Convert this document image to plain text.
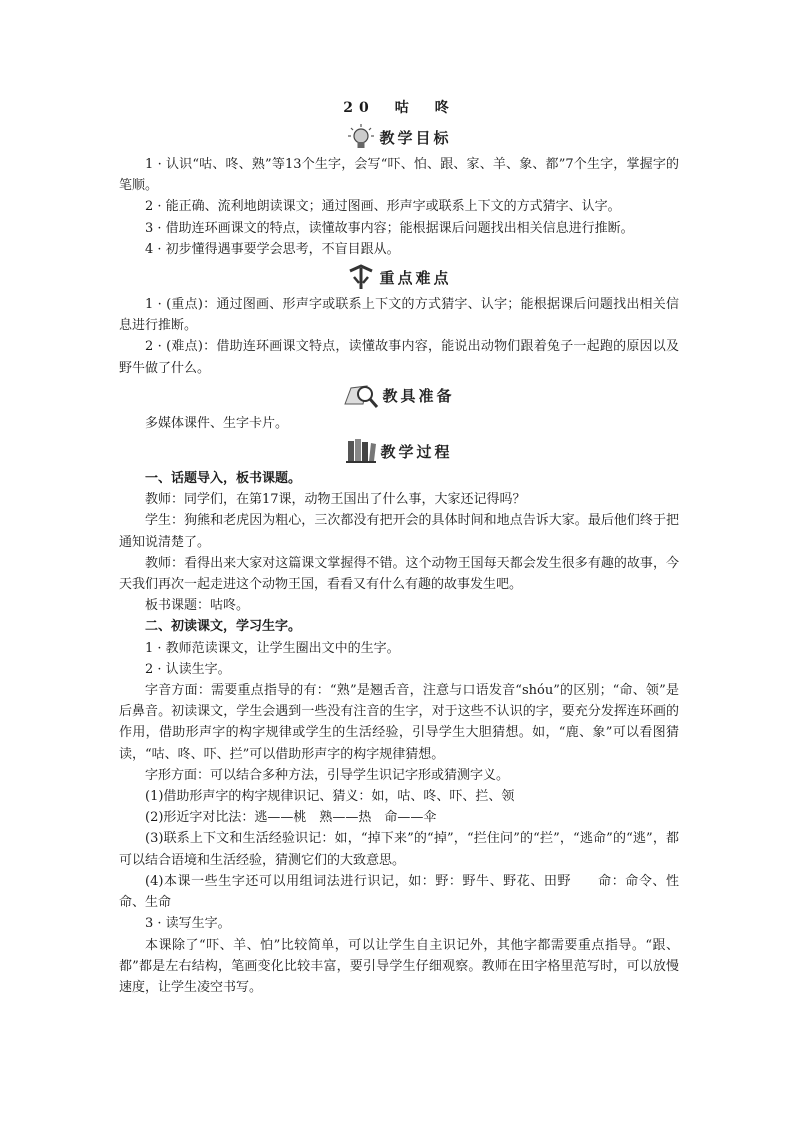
20　咕　咚
教学目标

1 · 认识“咕、咚、熟”等13个生字，会写“吓、怕、跟、家、羊、象、都”7个生字，掌握字的笔顺。

2 · 能正确、流利地朗读课文；通过图画、形声字或联系上下文的方式猜字、认字。

3 · 借助连环画课文的特点，读懂故事内容；能根据课后问题找出相关信息进行推断。

4 · 初步懂得遇事要学会思考，不盲目跟从。

重点难点

1 · (重点)：通过图画、形声字或联系上下文的方式猜字、认字；能根据课后问题找出相关信息进行推断。

2 · (难点)：借助连环画课文特点，读懂故事内容，能说出动物们跟着兔子一起跑的原因以及野牛做了什么。

教具准备

多媒体课件、生字卡片。

教学过程

一、话题导入，板书课题。

教师：同学们，在第17课，动物王国出了什么事，大家还记得吗？

学生：狗熊和老虎因为粗心，三次都没有把开会的具体时间和地点告诉大家。最后他们终于把通知说清楚了。

教师：看得出来大家对这篇课文掌握得不错。这个动物王国每天都会发生很多有趣的故事，今天我们再次一起走进这个动物王国，看看又有什么有趣的故事发生吧。

板书课题：咕咚。

二、初读课文，学习生字。

1 · 教师范读课文，让学生圈出文中的生字。

2 · 认读生字。

字音方面：需要重点指导的有：“熟”是翘舌音，注意与口语发音“shóu”的区别；“命、领”是后鼻音。初读课文，学生会遇到一些没有注音的生字，对于这些不认识的字，要充分发挥连环画的作用，借助形声字的构字规律或学生的生活经验，引导学生大胆猜想。如，“鹿、象”可以看图猜读，“咕、咚、吓、拦”可以借助形声字的构字规律猜想。

字形方面：可以结合多种方法，引导学生识记字形或猜测字义。

(1)借助形声字的构字规律识记、猜义：如，咕、咚、吓、拦、领

(2)形近字对比法：逃——桃　熟——热　命——伞

(3)联系上下文和生活经验识记：如，“掉下来”的“掉”，“拦住问”的“拦”，“逃命”的“逃”，都可以结合语境和生活经验，猜测它们的大致意思。

(4)本课一些生字还可以用组词法进行识记，如：野：野牛、野花、田野　　命：命令、性命、生命

3 · 读写生字。

本课除了“吓、羊、怕”比较简单，可以让学生自主识记外，其他字都需要重点指导。“跟、都”都是左右结构，笔画变化比较丰富，要引导学生仔细观察。教师在田字格里范写时，可以放慢速度，让学生凌空书写。
